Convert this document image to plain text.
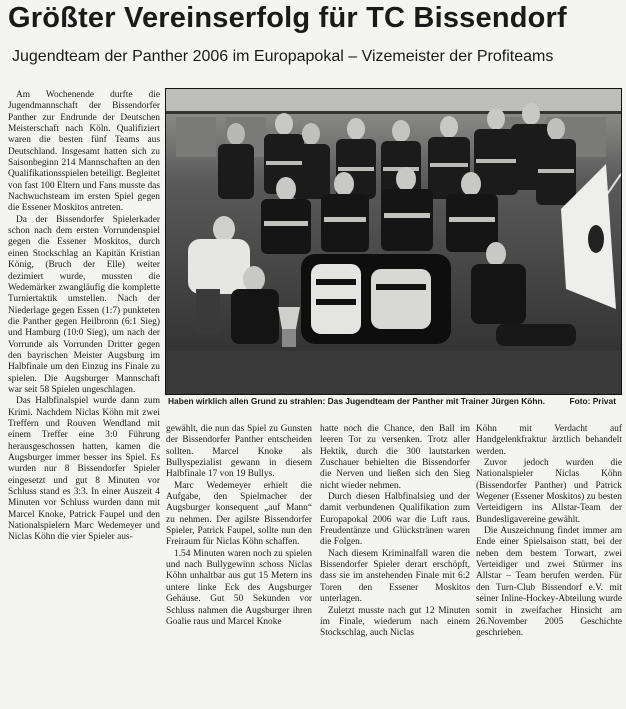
Größter Vereinserfolg für TC Bissendorf
Jugendteam der Panther 2006 im Europapokal – Vizemeister der Profiteams
Haben wirklich allen Grund zu strahlen: Das Jugendteam der Panther mit Trainer Jürgen Köhn.	Foto: Privat

Am Wochenende durfte die Jugendmannschaft der Bissendorfer Panther zur Endrunde der Deutschen Meisterschaft nach Köln. Qualifiziert waren die besten fünf Teams aus Deutschland. Insgesamt hatten sich zu Saisonbeginn 214 Mannschaften an den Qualifikationsspielen beteiligt. Begleitet von fast 100 Eltern und Fans musste das Nachwuchsteam im ersten Spiel gegen die Essener Moskitos antreten.

Da der Bissendorfer Spielerkader schon nach dem ersten Vorrundenspiel gegen die Essener Moskitos, durch einen Stockschlag an Kapitän Kristian König, (Bruch der Elle) weiter dezimiert wurde, mussten die Wedemärker zwangläufig die komplette Turniertaktik umstellen. Nach der Niederlage gegen Essen (1:7) punkteten die Panther gegen Heilbronn (6:1 Sieg) und Hamburg (10:0 Sieg), um nach der Vorrunde als Vorrunden Dritter gegen den bayrischen Meister Augsburg im Halbfinale um den Einzug ins Finale zu spielen. Die Augsburger Mannschaft war seit 58 Spielen ungeschlagen.

Das Halbfinalspiel wurde dann zum Krimi. Nachdem Niclas Köhn mit zwei Treffern und Rouven Wendland mit einem Treffer eine 3:0 Führung herausgeschossen hatten, kamen die Augsburger immer besser ins Spiel. Es wurden nur 8 Bissendorfer Spieler eingesetzt und gut 8 Minuten vor Schluss stand es 3:3. In einer Auszeit 4 Minuten vor Schluss wurden dann mit Marcel Knoke, Patrick Faupel und den Nationalspielern Marc Wedemeyer und Niclas Köhn die vier Spieler aus-

gewählt, die nun das Spiel zu Gunsten der Bissendorfer Panther entscheiden sollten. Marcel Knoke als Bullyspezialist gewann in diesem Halbfinale 17 von 19 Bullys.

Marc Wedemeyer erhielt die Aufgabe, den Spielmacher der Augsburger konsequent „auf Mann“ zu nehmen. Der agilste Bissendorfer Spieler, Patrick Faupel, sollte nun den Freiraum für Niclas Köhn schaffen.

1.54 Minuten waren noch zu spielen und nach Bullygewinn schoss Niclas Köhn unhaltbar aus gut 15 Metern ins untere linke Eck des Augsburger Gehäuse. Gut 50 Sekunden vor Schluss nahmen die Augsburger ihren Goalie raus und Marcel Knoke

hatte noch die Chance, den Ball im leeren Tor zu versenken. Trotz aller Hektik, durch die 300 lautstarken Zuschauer behielten die Bissendorfer die Nerven und ließen sich den Sieg nicht wieder nehmen.

Durch diesen Halbfinalsieg und der damit verbundenen Qualifikation zum Europapokal 2006 war die Luft raus. Freudentänze und Glückstränen waren die Folgen.

Nach diesem Kriminalfall waren die Bissendorfer Spieler derart erschöpft, dass sie im anstehenden Finale mit 6:2 Toren den Essener Moskitos unterlagen.

Zuletzt musste nach gut 12 Minuten im Finale, wiederum nach einem Stockschlag, auch Niclas

Köhn mit Verdacht auf Handgelenkfraktur ärztlich behandelt werden.

Zuvor jedoch wurden die Nationalspieler Niclas Köhn (Bissendorfer Panther) und Patrick Wegener (Essener Moskitos) zu besten Verteidigern ins Allstar-Team der Bundesligavereine gewählt.

Die Auszeichnung findet immer am Ende einer Spielsaison statt, bei der neben dem bestem Torwart, zwei Verteidiger und zwei Stürmer ins Allstar – Team berufen werden. Für den Turn-Club Bissendorf e.V. mit seiner Inline-Hockey-Abteilung wurde somit in zweifacher Hinsicht am 26.November 2005 Geschichte geschrieben.
